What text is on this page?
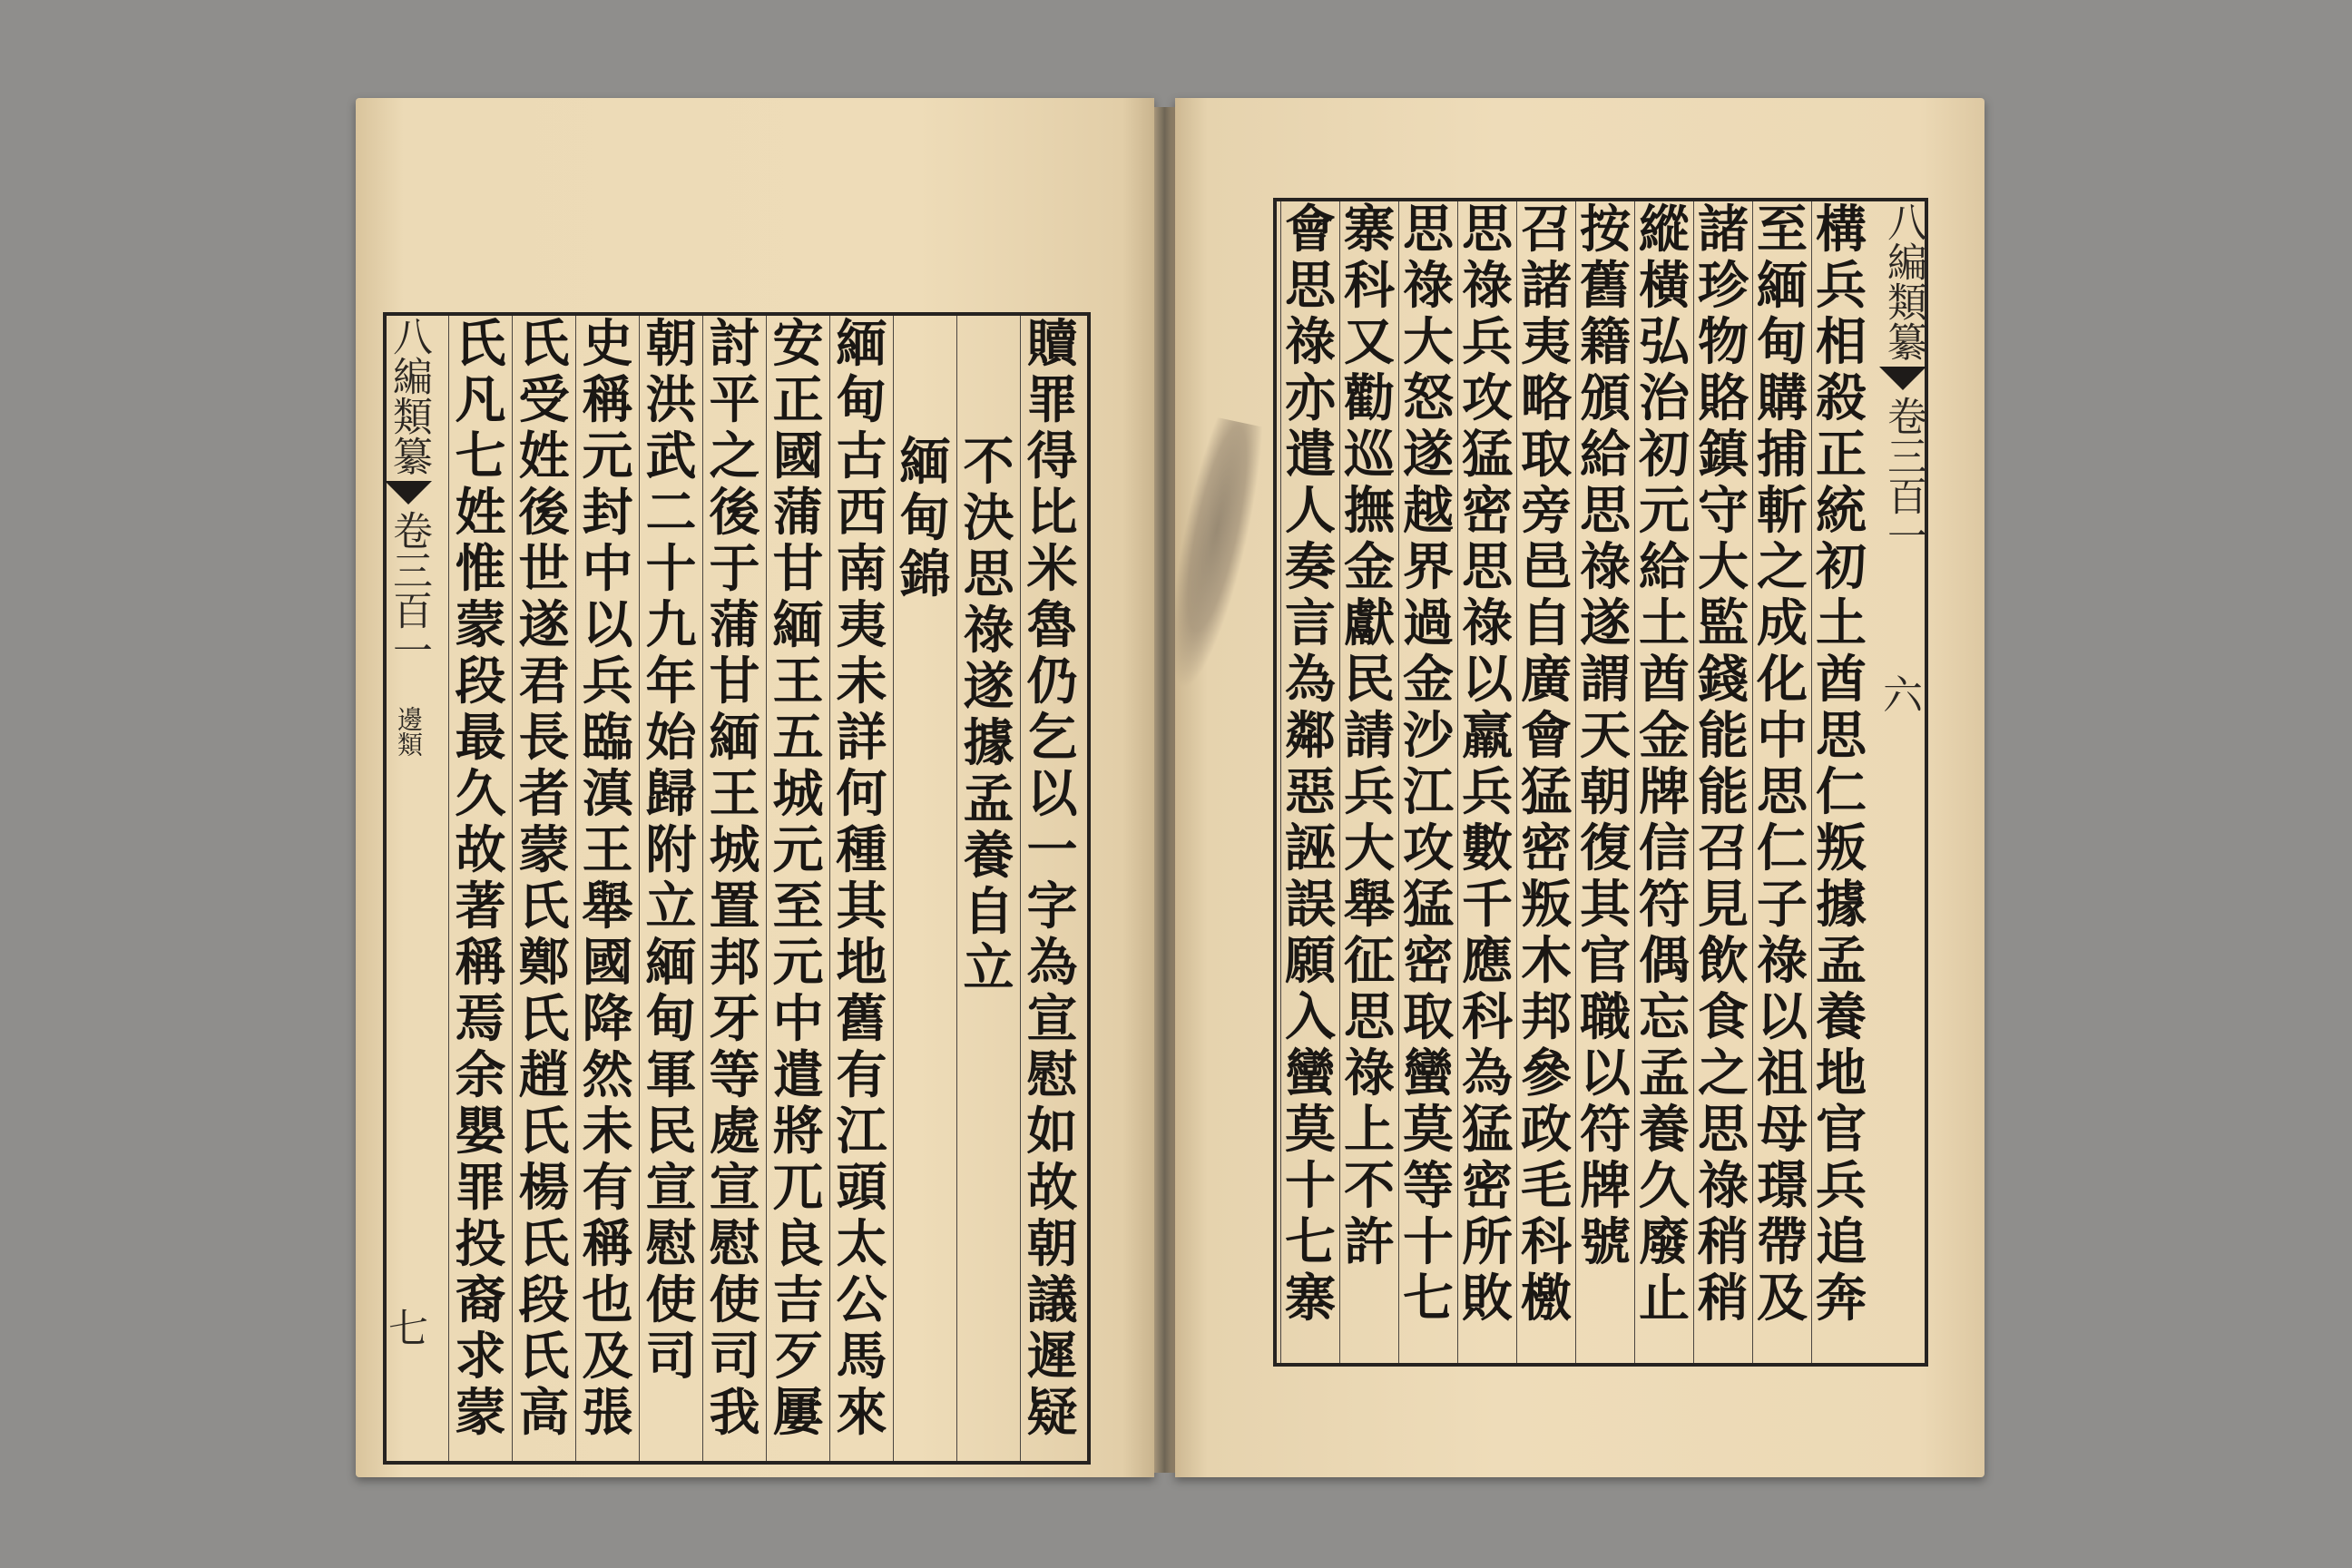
八編類纂
卷三百一
邊類
七
贖
罪
得
比
米
魯
仍
乞
以
一
字
為
宣
慰
如
故
朝
議
遲
疑
不
決
思
祿
遂
據
孟
養
自
立
緬
甸
錦
緬
甸
古
西
南
夷
未
詳
何
種
其
地
舊
有
江
頭
太
公
馬
來
安
正
國
蒲
甘
緬
王
五
城
元
至
元
中
遣
將
兀
良
吉
歹
屢
討
平
之
後
于
蒲
甘
緬
王
城
置
邦
牙
等
處
宣
慰
使
司
我
朝
洪
武
二
十
九
年
始
歸
附
立
緬
甸
軍
民
宣
慰
使
司
史
稱
元
封
中
以
兵
臨
滇
王
舉
國
降
然
未
有
稱
也
及
張
氏
受
姓
後
世
遂
君
長
者
蒙
氏
鄭
氏
趙
氏
楊
氏
段
氏
高
氏
凡
七
姓
惟
蒙
段
最
久
故
著
稱
焉
余
嬰
罪
投
裔
求
蒙
構
兵
相
殺
正
統
初
土
酋
思
仁
叛
據
孟
養
地
官
兵
追
奔
至
緬
甸
購
捕
斬
之
成
化
中
思
仁
子
祿
以
祖
母
璟
帶
及
諸
珍
物
賂
鎮
守
大
監
錢
能
能
召
見
飲
食
之
思
祿
稍
稍
縱
橫
弘
治
初
元
給
土
酋
金
牌
信
符
偶
忘
孟
養
久
廢
止
按
舊
籍
頒
給
思
祿
遂
謂
天
朝
復
其
官
職
以
符
牌
號
召
諸
夷
略
取
旁
邑
自
廣
會
猛
密
叛
木
邦
參
政
毛
科
檄
思
祿
兵
攻
猛
密
思
祿
以
羸
兵
數
千
應
科
為
猛
密
所
敗
思
祿
大
怒
遂
越
界
過
金
沙
江
攻
猛
密
取
蠻
莫
等
十
七
寨
科
又
勸
巡
撫
金
獻
民
請
兵
大
舉
征
思
祿
上
不
許
會
思
祿
亦
遣
人
奏
言
為
鄰
惡
誣
誤
願
入
蠻
莫
十
七
寨
八編類纂
卷三百一
六
